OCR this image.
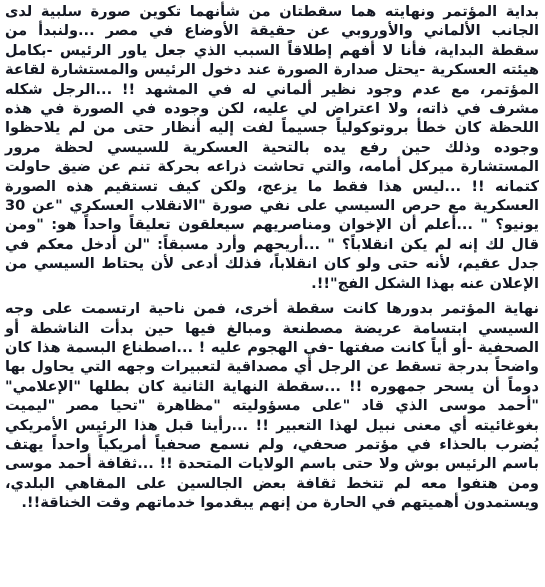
بداية المؤتمر ونهايته هما سقطتان من شأنهما تكوين صورة سلبية لدى الجانب الألماني والأوروبي عن حقيقة الأوضاع في مصر ...ولنبدأ من سقطة البداية، فأنا لا أفهم إطلاقاً السبب الذي جعل ياور الرئيس -بكامل هيئته العسكرية -يحتل صدارة الصورة عند دخول الرئيس والمستشارة لقاعة المؤتمر، مع عدم وجود نظير ألماني له في المشهد !! ...الرجل شكله مشرف في ذاته، ولا اعتراض لي عليه، لكن وجوده في الصورة في هذه اللحظة كان خطأ بروتوكولياً جسيماً لفت إليه أنظار حتى من لم يلاحظوا وجوده وذلك حين رفع يده بالتحية العسكرية للسيسي لحظة مرور المستشارة ميركل أمامه، والتي تحاشت ذراعه بحركة تنم عن ضيق حاولت كتمانه !! ...ليس هذا فقط ما يزعج، ولكن كيف تستقيم هذه الصورة العسكرية مع حرص السيسي على نفي صورة "الانقلاب العسكري "عن 30 يونيو؟ " ...أعلم أن الإخوان ومناصريهم سيعلقون تعليقاً واحداً هو: "ومن قال لك إنه لم يكن انقلاباً؟ " ...أريحهم وأرد مسبقاً: "لن أدخل معكم في جدل عقيم، لأنه حتى ولو كان انقلاباً، فذلك أدعى لأن يحتاط السيسي من الإعلان عنه بهذا الشكل الفج"!!.

نهاية المؤتمر بدورها كانت سقطة أخرى، فمن ناحية ارتسمت على وجه السيسي ابتسامة عريضة مصطنعة ومبالغ فيها حين بدأت الناشطة أو الصحفية -أو أياً كانت صفتها -في الهجوم عليه ! ...اصطناع البسمة هذا كان واضحاً بدرجة تسقط عن الرجل أي مصداقية لتعبيرات وجهه التي يحاول بها دوماً أن يسحر جمهوره !! ...سقطة النهاية الثانية كان بطلها "الإعلامي" "أحمد موسى الذي قاد "على مسؤوليته "مظاهرة "تحيا مصر "ليميت بغوغائيته أي معنى نبيل لهذا التعبير !! ...رأينا قبل هذا الرئيس الأمريكي يُضرب بالحذاء في مؤتمر صحفي، ولم نسمع صحفياً أمريكياً واحداً يهتف باسم الرئيس بوش ولا حتى باسم الولايات المتحدة !! ...ثقافة أحمد موسى ومن هتفوا معه لم تتخط ثقافة بعض الجالسين على المقاهي البلدي، ويستمدون أهميتهم في الحارة من إنهم يبقدموا خدماتهم وقت الخناقة!!.
